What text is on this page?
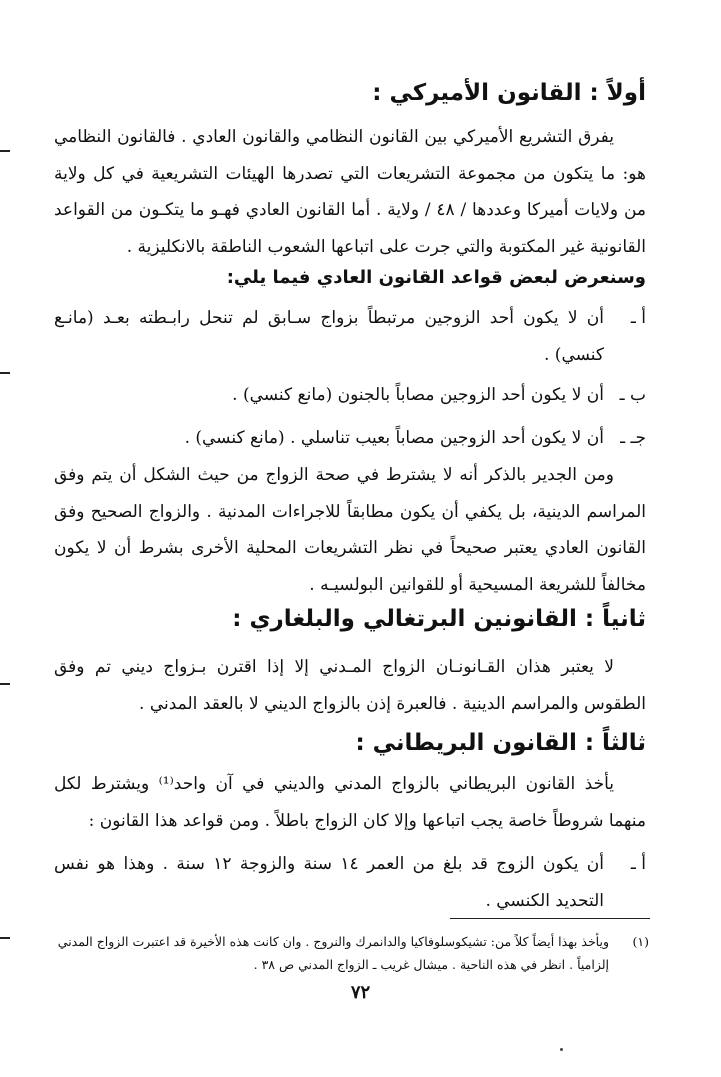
أولاً : القانون الأميركي :

يفرق التشريع الأميركي بين القانون النظامي والقانون العادي . فالقانون النظامي هو: ما يتكون من مجموعة التشريعات التي تصدرها الهيئات التشريعية في كل ولاية من ولايات أميركا وعددها / ٤٨ / ولاية . أما القانون العادي فهـو ما يتكـون من القواعد القانونية غير المكتوبة والتي جرت على اتباعها الشعوب الناطقة بالانكليزية .

وسنعرض لبعض قواعد القانون العادي فيما يلي:
أ ـ
أن لا يكون أحد الزوجين مرتبطاً بزواج سـابق لم تنحل رابـطته بعـد (مانـع كنسي) .
ب ـ
أن لا يكون أحد الزوجين مصاباً بالجنون (مانع كنسي) .
جـ ـ
أن لا يكون أحد الزوجين مصاباً بعيب تناسلي . (مانع كنسي) .

ومن الجدير بالذكر أنه لا يشترط في صحة الزواج من حيث الشكل أن يتم وفق المراسم الدينية، بل يكفي أن يكون مطابقاً للاجراءات المدنية . والزواج الصحيح وفق القانون العادي يعتبر صحيحاً في نظر التشريعات المحلية الأخرى بشرط أن لا يكون مخالفاً للشريعة المسيحية أو للقوانين البولسيـه .

ثانياً : القانونين البرتغالي والبلغاري :

لا يعتبر هذان القـانونـان الزواج المـدني إلا إذا اقترن بـزواج ديني تم وفق الطقوس والمراسم الدينية . فالعبرة إذن بالزواج الديني لا بالعقد المدني .

ثالثاً : القانون البريطاني :

يأخذ القانون البريطاني بالزواج المدني والديني في آن واحد⁽¹⁾ ويشترط لكل منهما شروطاً خاصة يجب اتباعها وإلا كان الزواج باطلاً . ومن قواعد هذا القانون :

أ ـ
أن يكون الزوج قد بلغ من العمر ١٤ سنة والزوجة ١٢ سنة . وهذا هو نفس التحديد الكنسي .
(١)
ويأخذ بهذا أيضاً كلاً من: تشيكوسلوفاكيا والدانمرك والنروج . وان كانت هذه الأخيرة قد اعتبرت الزواج المدني إلزامياً . انظر في هذه الناحية . ميشال غريب ـ الزواج المدني ص ٣٨ .
٧٢
